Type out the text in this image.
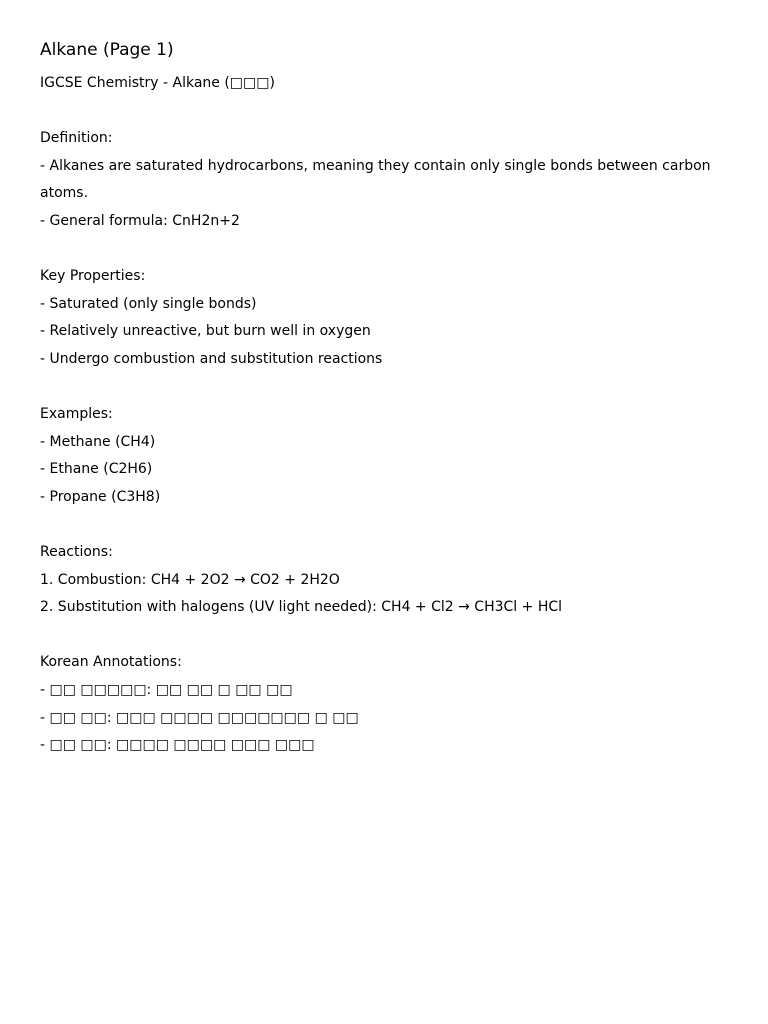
Alkane (Page 1)

IGCSE Chemistry - Alkane (□□□)

Definition:

- Alkanes are saturated hydrocarbons, meaning they contain only single bonds between carbon atoms.

- General formula: CnH2n+2

Key Properties:

- Saturated (only single bonds)

- Relatively unreactive, but burn well in oxygen

- Undergo combustion and substitution reactions

Examples:

- Methane (CH4)

- Ethane (C2H6)

- Propane (C3H8)

Reactions:

1. Combustion: CH4 + 2O2 → CO2 + 2H2O

2. Substitution with halogens (UV light needed): CH4 + Cl2 → CH3Cl + HCl

Korean Annotations:

- □□ □□□□□: □□ □□ □ □□ □□

- □□ □□: □□□ □□□□ □□□□□□□ □ □□

- □□ □□: □□□□ □□□□ □□□ □□□
